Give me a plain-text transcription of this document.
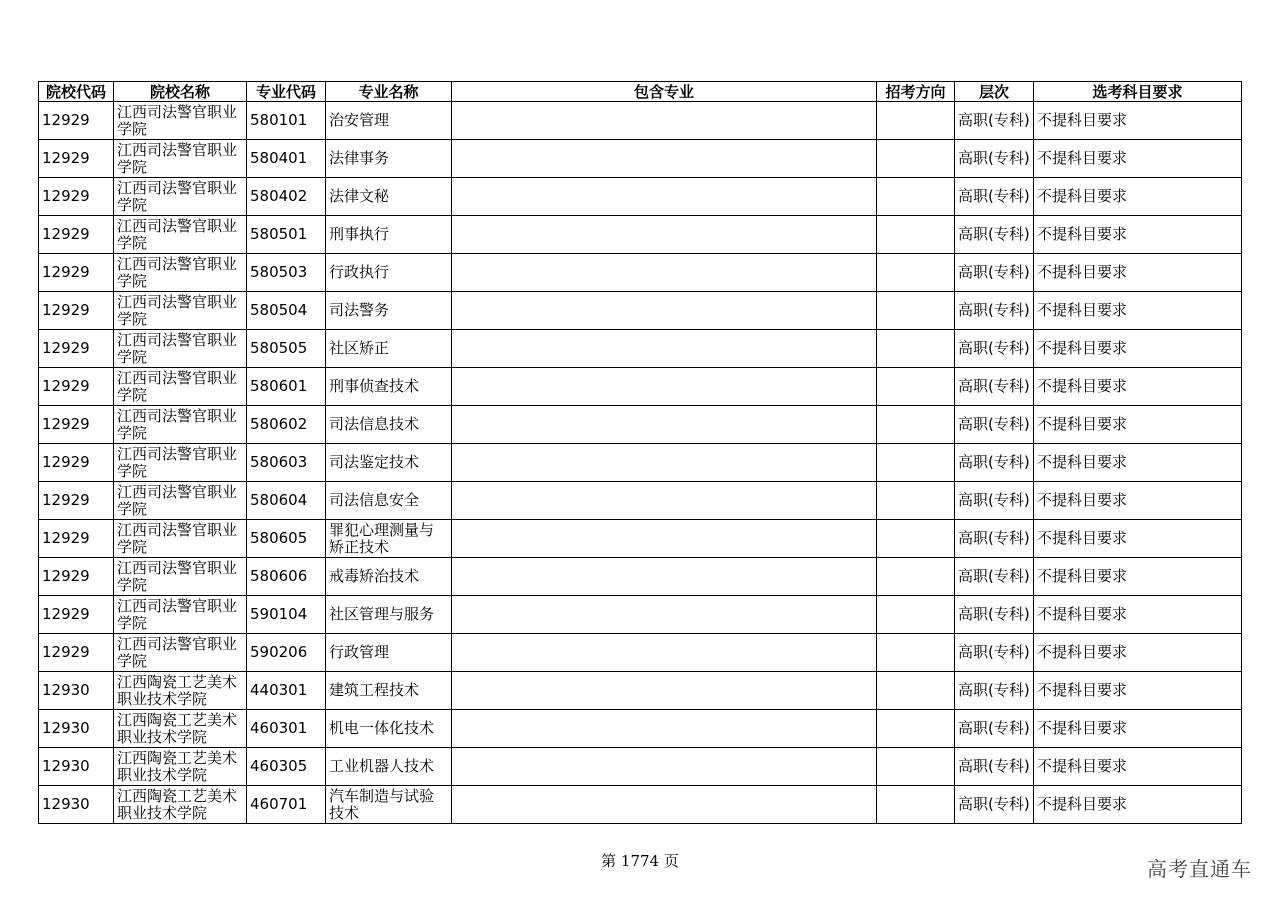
院校代码	院校名称	专业代码	专业名称	包含专业	招考方向	层次	选考科目要求
12929	江西司法警官职业学院	580101	治安管理			高职(专科)	不提科目要求
12929	江西司法警官职业学院	580401	法律事务			高职(专科)	不提科目要求
12929	江西司法警官职业学院	580402	法律文秘			高职(专科)	不提科目要求
12929	江西司法警官职业学院	580501	刑事执行			高职(专科)	不提科目要求
12929	江西司法警官职业学院	580503	行政执行			高职(专科)	不提科目要求
12929	江西司法警官职业学院	580504	司法警务			高职(专科)	不提科目要求
12929	江西司法警官职业学院	580505	社区矫正			高职(专科)	不提科目要求
12929	江西司法警官职业学院	580601	刑事侦查技术			高职(专科)	不提科目要求
12929	江西司法警官职业学院	580602	司法信息技术			高职(专科)	不提科目要求
12929	江西司法警官职业学院	580603	司法鉴定技术			高职(专科)	不提科目要求
12929	江西司法警官职业学院	580604	司法信息安全			高职(专科)	不提科目要求
12929	江西司法警官职业学院	580605	罪犯心理测量与矫正技术			高职(专科)	不提科目要求
12929	江西司法警官职业学院	580606	戒毒矫治技术			高职(专科)	不提科目要求
12929	江西司法警官职业学院	590104	社区管理与服务			高职(专科)	不提科目要求
12929	江西司法警官职业学院	590206	行政管理			高职(专科)	不提科目要求
12930	江西陶瓷工艺美术职业技术学院	440301	建筑工程技术			高职(专科)	不提科目要求
12930	江西陶瓷工艺美术职业技术学院	460301	机电一体化技术			高职(专科)	不提科目要求
12930	江西陶瓷工艺美术职业技术学院	460305	工业机器人技术			高职(专科)	不提科目要求
12930	江西陶瓷工艺美术职业技术学院	460701	汽车制造与试验技术			高职(专科)	不提科目要求
第 1774 页	高考直通车
